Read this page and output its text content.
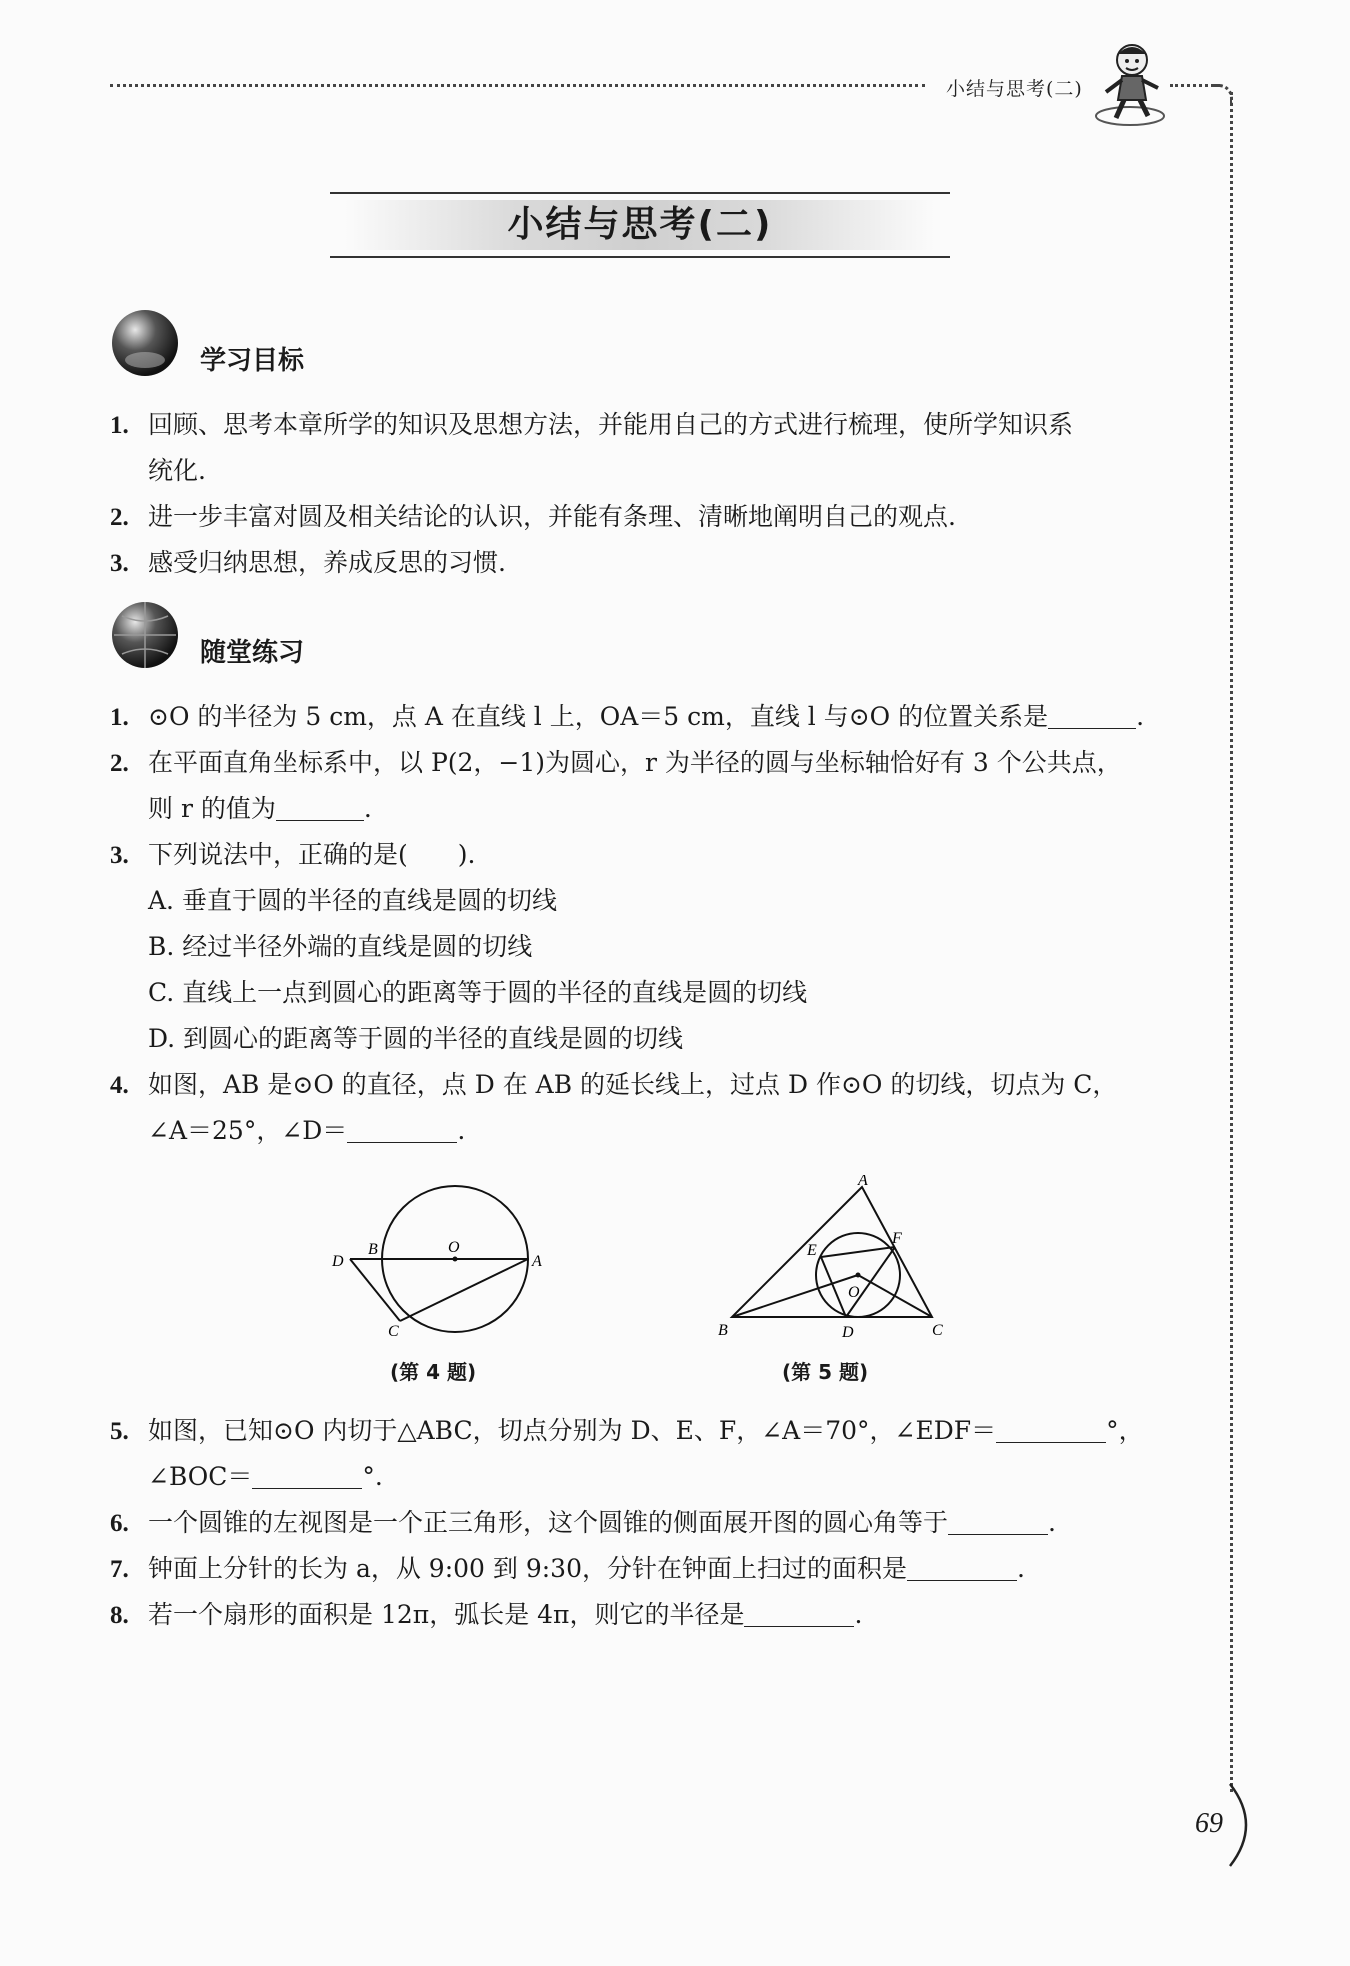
小结与思考(二)
小结与思考(二)
学习目标
1. 回顾、思考本章所学的知识及思想方法，并能用自己的方式进行梳理，使所学知识系
统化.
2. 进一步丰富对圆及相关结论的认识，并能有条理、清晰地阐明自己的观点.
3. 感受归纳思想，养成反思的习惯.
随堂练习
1. ⊙O 的半径为 5 cm，点 A 在直线 l 上，OA＝5 cm，直线 l 与⊙O 的位置关系是	.
2. 在平面直角坐标系中，以 P(2，−1)为圆心，r 为半径的圆与坐标轴恰好有 3 个公共点，
则 r 的值为	.
3. 下列说法中，正确的是(　　).
A. 垂直于圆的半径的直线是圆的切线
B. 经过半径外端的直线是圆的切线
C. 直线上一点到圆心的距离等于圆的半径的直线是圆的切线
D. 到圆心的距离等于圆的半径的直线是圆的切线
4. 如图，AB 是⊙O 的直径，点 D 在 AB 的延长线上，过点 D 作⊙O 的切线，切点为 C，
∠A＝25°，∠D＝	.
D
B	O
A
C
(第 4 题)
A
E
F
O
B	D	C
(第 5 题)
5. 如图，已知⊙O 内切于△ABC，切点分别为 D、E、F，∠A＝70°，∠EDF＝	°，
∠BOC＝	°.
6. 一个圆锥的左视图是一个正三角形，这个圆锥的侧面展开图的圆心角等于	.
7. 钟面上分针的长为 a，从 9:00 到 9:30，分针在钟面上扫过的面积是	.
8. 若一个扇形的面积是 12π，弧长是 4π，则它的半径是	.
69
